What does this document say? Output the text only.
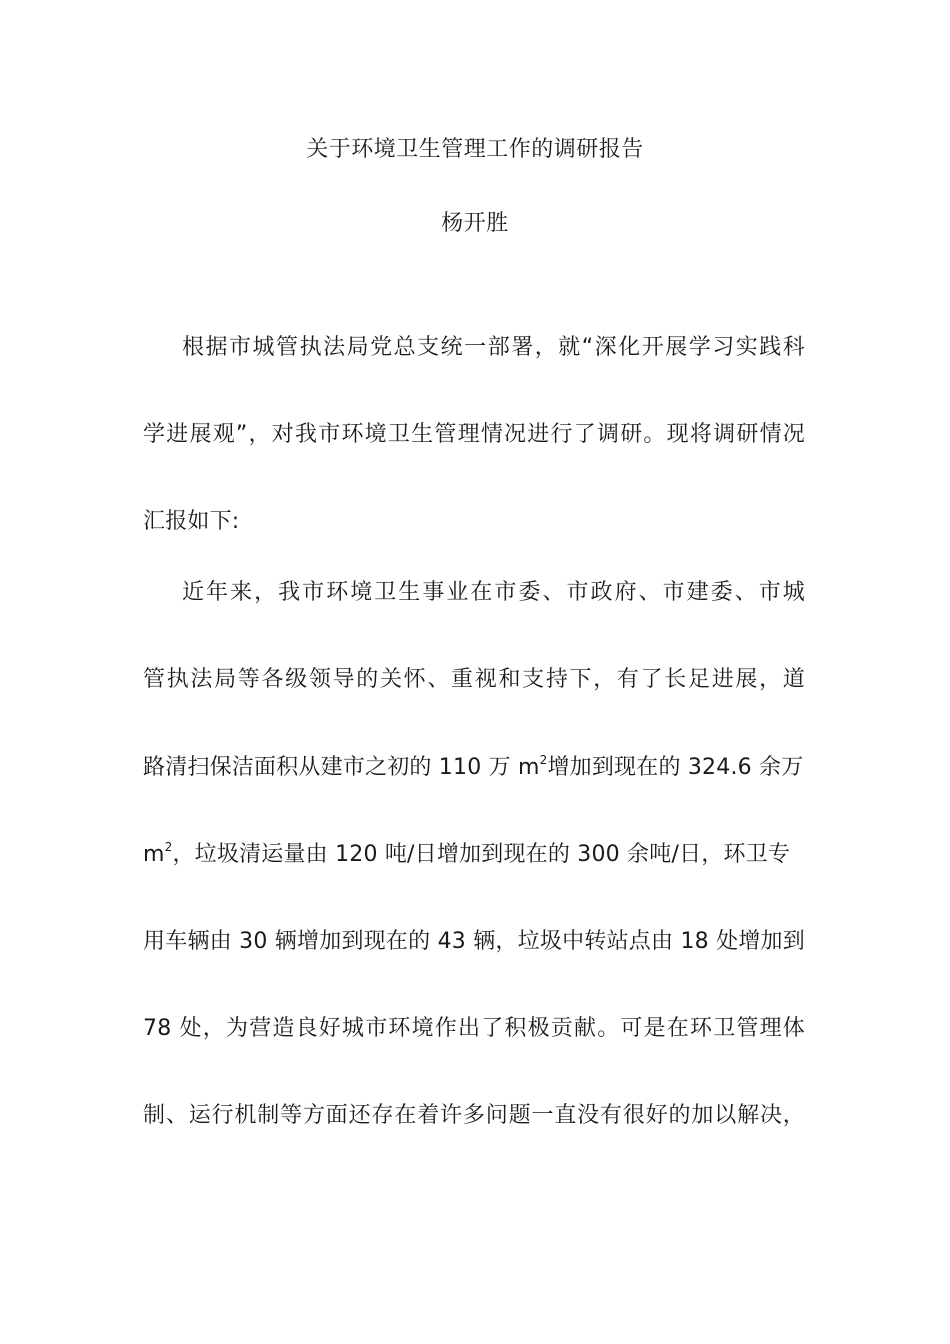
关于环境卫生管理工作的调研报告
杨开胜
根据市城管执法局党总支统一部署，就“深化开展学习实践科
学进展观”，对我市环境卫生管理情况进行了调研。现将调研情况
汇报如下:
近年来，我市环境卫生事业在市委、市政府、市建委、市城
管执法局等各级领导的关怀、重视和支持下，有了长足进展，道
路清扫保洁面积从建市之初的 110 万 $m^2$增加到现在的 324.6 余万
$m^2$，垃圾清运量由 120 吨/日增加到现在的 300 余吨/日，环卫专
用车辆由 30 辆增加到现在的 43 辆，垃圾中转站点由 18 处增加到
78 处，为营造良好城市环境作出了积极贡献。可是在环卫管理体
制、运行机制等方面还存在着许多问题一直没有很好的加以解决，
